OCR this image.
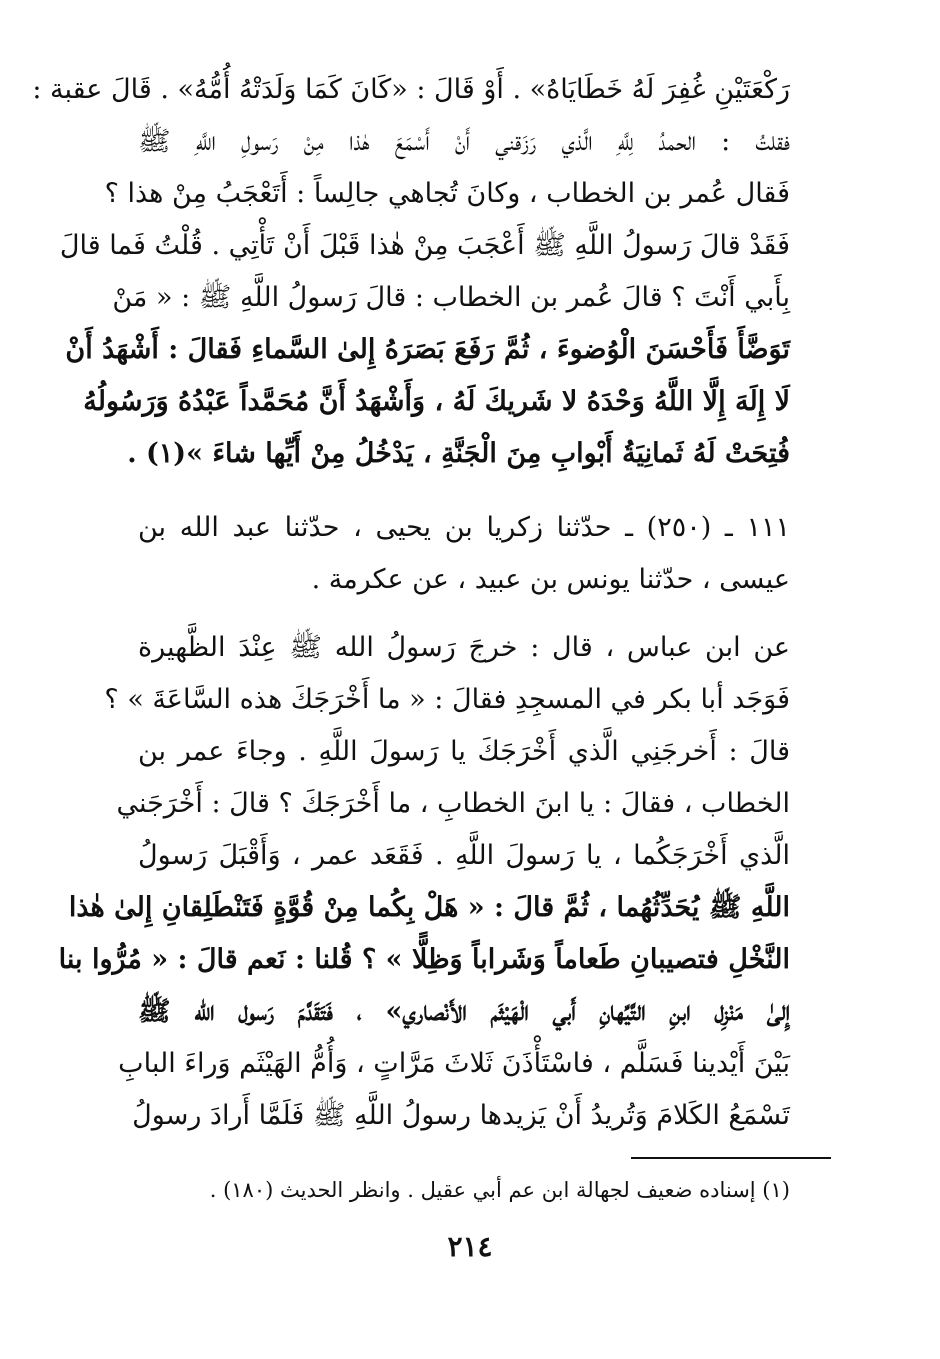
رَكْعَتَيْنِ غُفِرَ لَهُ خَطَايَاهُ» . أَوْ قَالَ : «كَانَ كَمَا وَلَدَتْهُ أُمُّهُ» . قَالَ عقبة :
فقلتُ : الحمدُ لِلَّهِ الَّذي رَزَقني أَنْ أَسْمَعَ هٰذا مِنْ رَسولِ اللَّهِ ﷺ
فَقال عُمر بن الخطاب ، وكانَ تُجاهي جالِساً : أَتَعْجَبُ مِنْ هذا ؟
فَقَدْ قالَ رَسولُ اللَّهِ ﷺ أَعْجَبَ مِنْ هٰذا قَبْلَ أَنْ تَأْتِي . قُلْتُ فَما قالَ
بِأَبي أَنْتَ ؟ قالَ عُمر بن الخطاب : قالَ رَسولُ اللَّهِ ﷺ : « مَنْ
تَوَضَّأَ فَأَحْسَنَ الْوُضوءَ ، ثُمَّ رَفَعَ بَصَرَهُ إِلىٰ السَّماءِ فَقالَ : أَشْهَدُ أَنْ
لَا إِلَهَ إِلَّا اللَّهُ وَحْدَهُ لا شَريكَ لَهُ ، وَأَشْهَدُ أَنَّ مُحَمَّداً عَبْدُهُ وَرَسُولُهُ
فُتِحَتْ لَهُ ثَمانِيَةُ أَبْوابِ مِنَ الْجَنَّةِ ، يَدْخُلُ مِنْ أَيِّها شاءَ »(١) .
١١١ ـ (٢٥٠) ـ حدّثنا زكريا بن يحيى ، حدّثنا عبد الله بن
عيسى ، حدّثنا يونس بن عبيد ، عن عكرمة .
عن ابن عباس ، قال : خرجَ رَسولُ الله ﷺ عِنْدَ الظَّهيرة
فَوَجَد أبا بكر في المسجِدِ فقالَ : « ما أَخْرَجَكَ هذه السَّاعَةَ » ؟
قالَ : أَخرجَنِي الَّذي أَخْرَجَكَ يا رَسولَ اللَّهِ . وجاءَ عمر بن
الخطاب ، فقالَ : يا ابنَ الخطابِ ، ما أَخْرَجَكَ ؟ قالَ : أَخْرَجَني
الَّذي أَخْرَجَكُما ، يا رَسولَ اللَّهِ . فَقَعَد عمر ، وَأَقْبَلَ رَسولُ
اللَّهِ ﷺ يُحَدِّثُهُما ، ثُمَّ قالَ : « هَلْ بِكُما مِنْ قُوَّةٍ فَتَنْطَلِقانِ إِلىٰ هٰذا
النَّخْلِ فتصيبانِ طَعاماً وَشَراباً وَظِلًّا » ؟ قُلنا : نَعم قالَ : « مُرُّوا بنا
إِلىٰ مَنْزِل ابنِ التَّيِّهانِ أَبي الْهَيْثَم الأَنْصاري» ، فَتَقَدَّمَ رَسول الله ﷺ
بَيْنَ أَيْدينا فَسَلَّم ، فاسْتَأْذَنَ ثَلاثَ مَرَّاتٍ ، وَأُمُّ الهَيْثَم وَراءَ البابِ
تَسْمَعُ الكَلامَ وَتُريدُ أَنْ يَزيدها رسولُ اللَّهِ ﷺ فَلَمَّا أَرادَ رسولُ
(١) إسناده ضعيف لجهالة ابن عم أبي عقيل . وانظر الحديث (١٨٠) .
٢١٤
